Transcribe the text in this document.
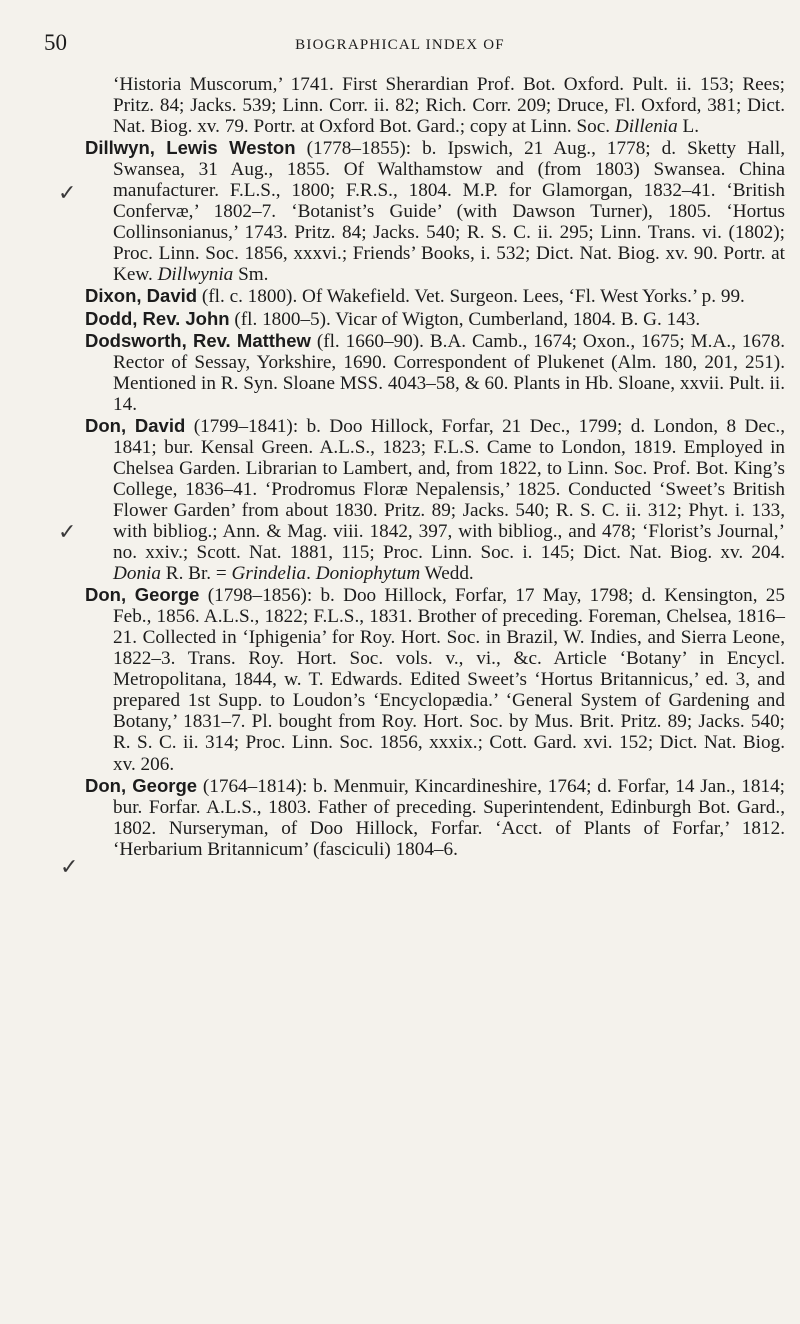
50	BIOGRAPHICAL INDEX OF
✓
✓
✓

‘Historia Muscorum,’ 1741. First Sherardian Prof. Bot. Oxford. Pult. ii. 153; Rees; Pritz. 84; Jacks. 539; Linn. Corr. ii. 82; Rich. Corr. 209; Druce, Fl. Oxford, 381; Dict. Nat. Biog. xv. 79. Portr. at Oxford Bot. Gard.; copy at Linn. Soc. Dillenia L.

Dillwyn, Lewis Weston (1778–1855): b. Ipswich, 21 Aug., 1778; d. Sketty Hall, Swansea, 31 Aug., 1855. Of Walthamstow and (from 1803) Swansea. China manufacturer. F.L.S., 1800; F.R.S., 1804. M.P. for Glamorgan, 1832–41. ‘British Confervæ,’ 1802–7. ‘Botanist’s Guide’ (with Dawson Turner), 1805. ‘Hortus Collinsonianus,’ 1743. Pritz. 84; Jacks. 540; R. S. C. ii. 295; Linn. Trans. vi. (1802); Proc. Linn. Soc. 1856, xxxvi.; Friends’ Books, i. 532; Dict. Nat. Biog. xv. 90. Portr. at Kew. Dillwynia Sm.

Dixon, David (fl. c. 1800). Of Wakefield. Vet. Surgeon. Lees, ‘Fl. West Yorks.’ p. 99.

Dodd, Rev. John (fl. 1800–5). Vicar of Wigton, Cumberland, 1804. B. G. 143.

Dodsworth, Rev. Matthew (fl. 1660–90). B.A. Camb., 1674; Oxon., 1675; M.A., 1678. Rector of Sessay, Yorkshire, 1690. Correspondent of Plukenet (Alm. 180, 201, 251). Mentioned in R. Syn. Sloane MSS. 4043–58, & 60. Plants in Hb. Sloane, xxvii. Pult. ii. 14.

Don, David (1799–1841): b. Doo Hillock, Forfar, 21 Dec., 1799; d. London, 8 Dec., 1841; bur. Kensal Green. A.L.S., 1823; F.L.S. Came to London, 1819. Employed in Chelsea Garden. Librarian to Lambert, and, from 1822, to Linn. Soc. Prof. Bot. King’s College, 1836–41. ‘Prodromus Floræ Nepalensis,’ 1825. Conducted ‘Sweet’s British Flower Garden’ from about 1830. Pritz. 89; Jacks. 540; R. S. C. ii. 312; Phyt. i. 133, with bibliog.; Ann. & Mag. viii. 1842, 397, with bibliog., and 478; ‘Florist’s Journal,’ no. xxiv.; Scott. Nat. 1881, 115; Proc. Linn. Soc. i. 145; Dict. Nat. Biog. xv. 204. Donia R. Br. = Grindelia. Doniophytum Wedd.

Don, George (1798–1856): b. Doo Hillock, Forfar, 17 May, 1798; d. Kensington, 25 Feb., 1856. A.L.S., 1822; F.L.S., 1831. Brother of preceding. Foreman, Chelsea, 1816–21. Collected in ‘Iphigenia’ for Roy. Hort. Soc. in Brazil, W. Indies, and Sierra Leone, 1822–3. Trans. Roy. Hort. Soc. vols. v., vi., &c. Article ‘Botany’ in Encycl. Metropolitana, 1844, w. T. Edwards. Edited Sweet’s ‘Hortus Britannicus,’ ed. 3, and prepared 1st Supp. to Loudon’s ‘Encyclopædia.’ ‘General System of Gardening and Botany,’ 1831–7. Pl. bought from Roy. Hort. Soc. by Mus. Brit. Pritz. 89; Jacks. 540; R. S. C. ii. 314; Proc. Linn. Soc. 1856, xxxix.; Cott. Gard. xvi. 152; Dict. Nat. Biog. xv. 206.

Don, George (1764–1814): b. Menmuir, Kincardineshire, 1764; d. Forfar, 14 Jan., 1814; bur. Forfar. A.L.S., 1803. Father of preceding. Superintendent, Edinburgh Bot. Gard., 1802. Nurseryman, of Doo Hillock, Forfar. ‘Acct. of Plants of Forfar,’ 1812. ‘Herbarium Britannicum’ (fasciculi) 1804–6.
